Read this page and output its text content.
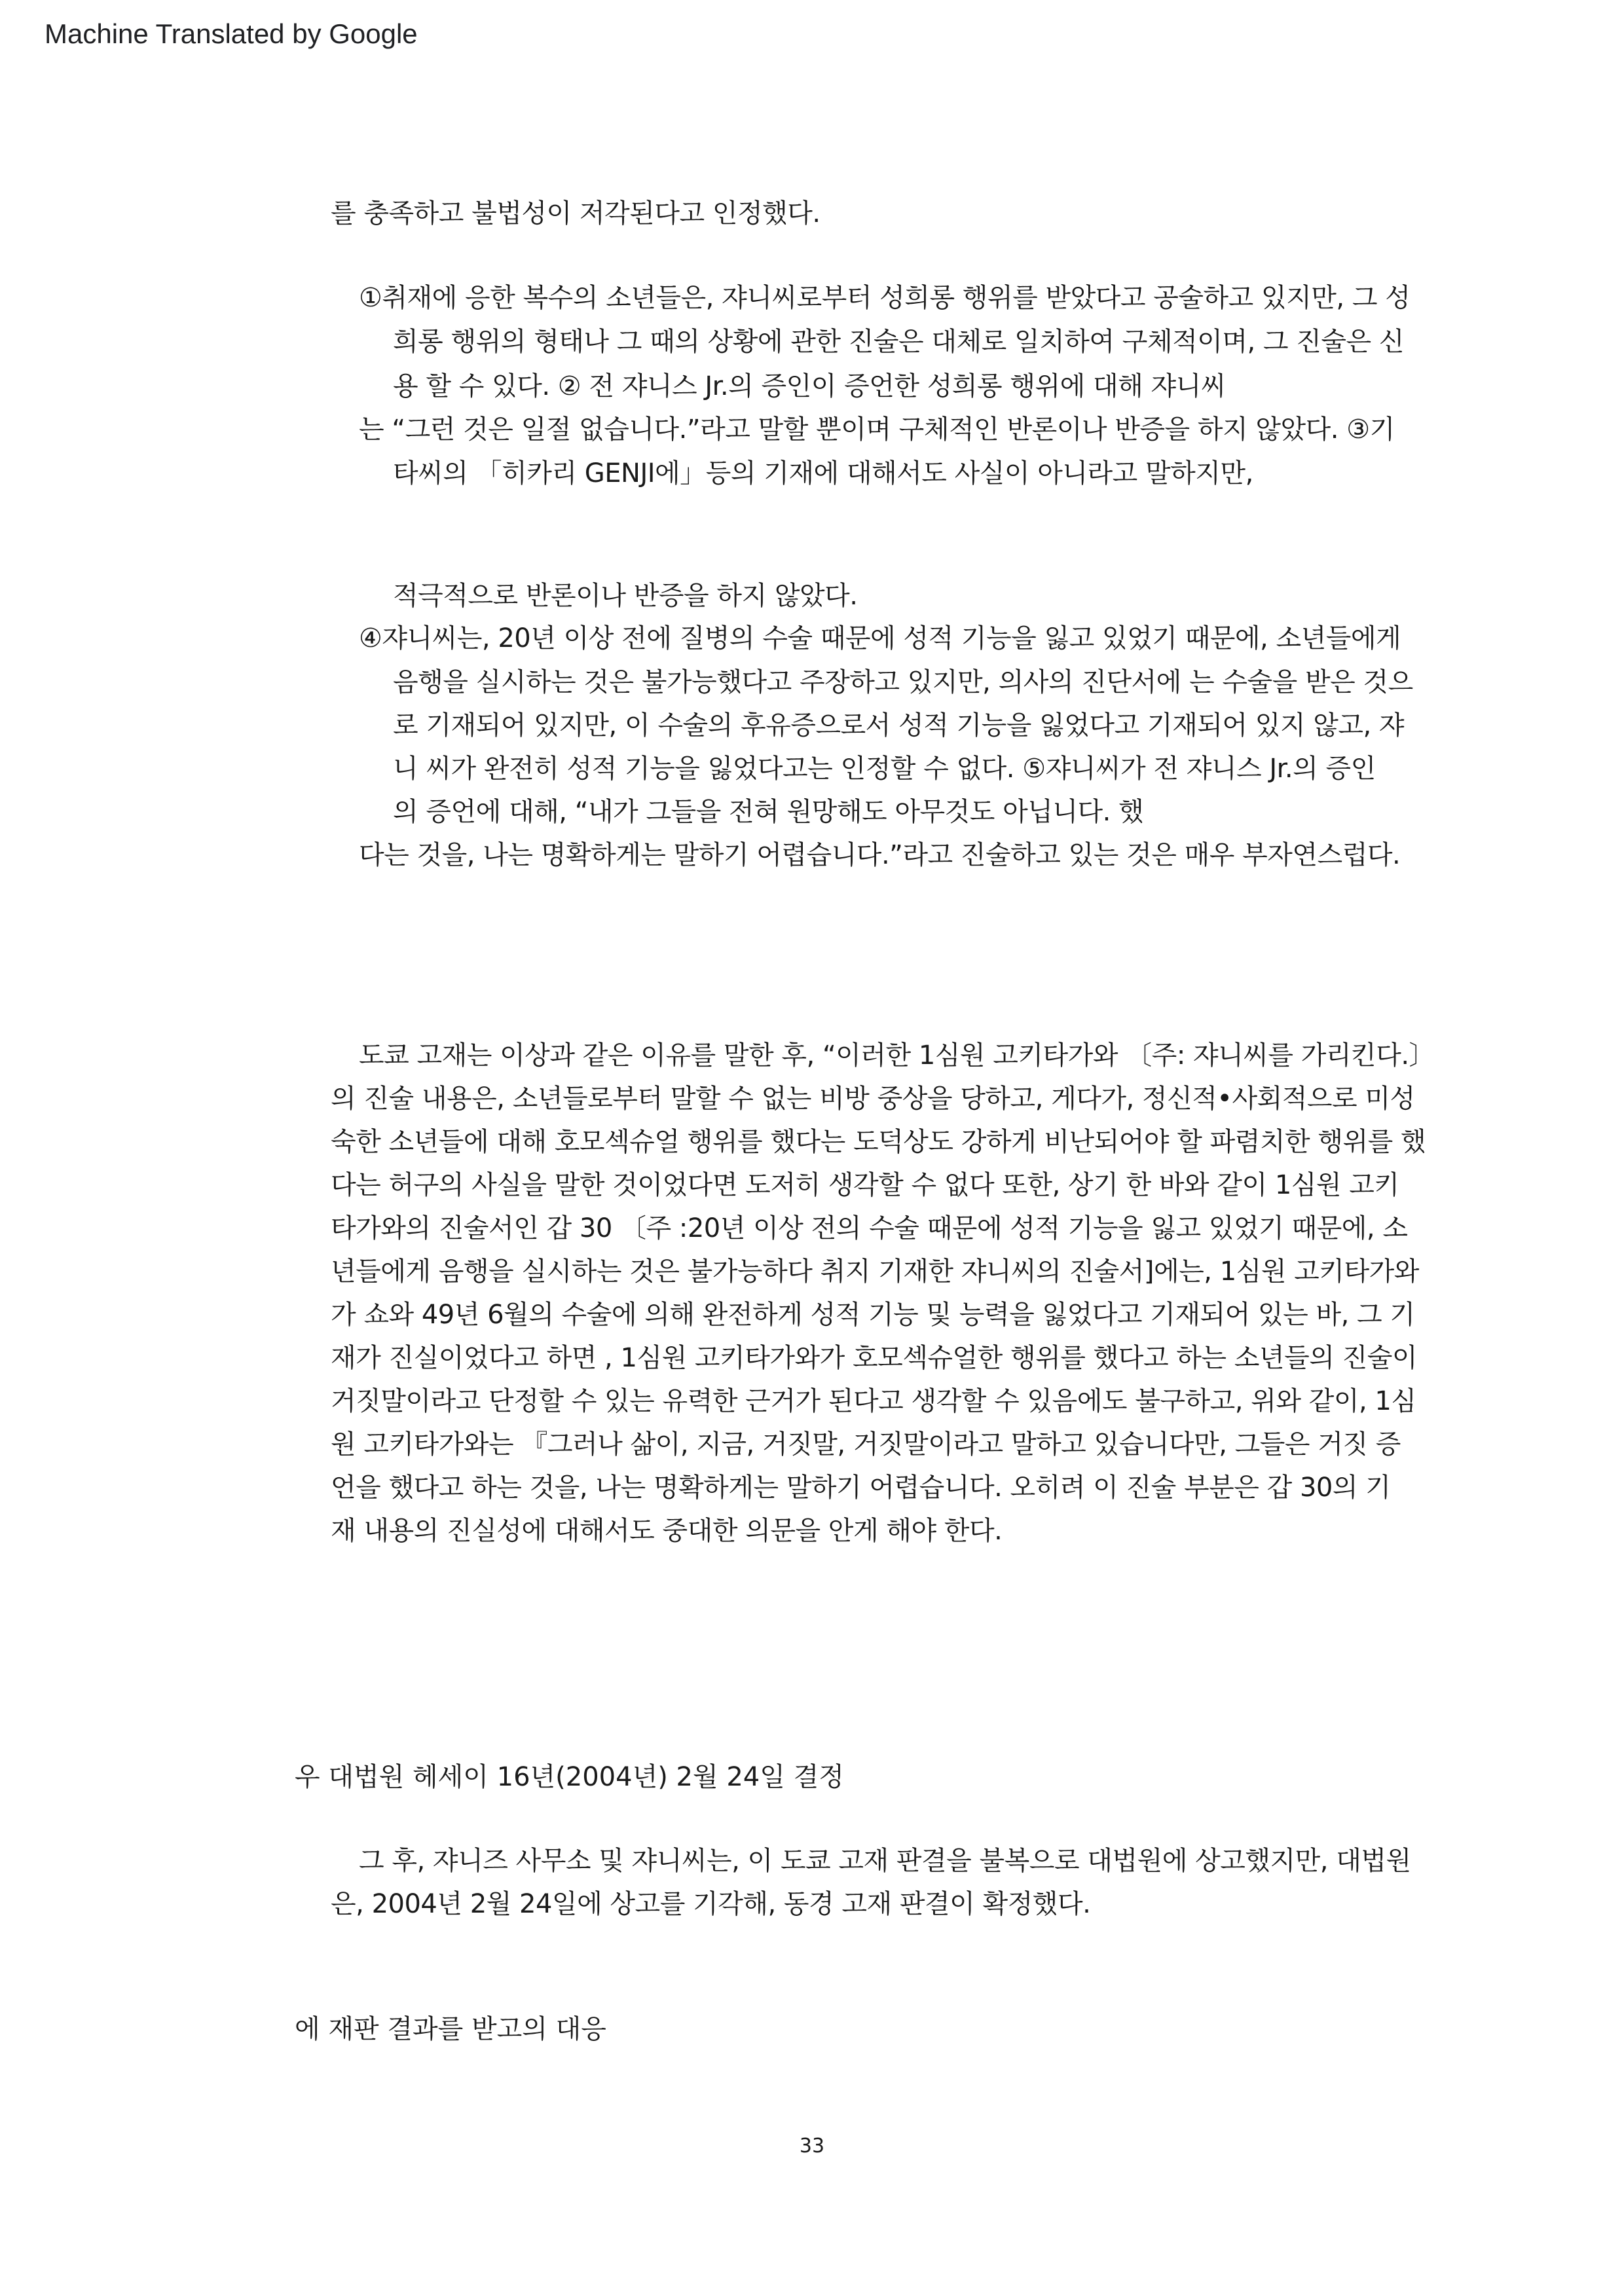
Machine Translated by Google
를 충족하고 불법성이 저각된다고 인정했다.
①취재에 응한 복수의 소년들은, 쟈니씨로부터 성희롱 행위를 받았다고 공술하고 있지만, 그 성
희롱 행위의 형태나 그 때의 상황에 관한 진술은 대체로 일치하여 구체적이며, 그 진술은 신
용 할 수 있다. ② 전 쟈니스 Jr.의 증인이 증언한 성희롱 행위에 대해 쟈니씨
는 “그런 것은 일절 없습니다.”라고 말할 뿐이며 구체적인 반론이나 반증을 하지 않았다. ③기
타씨의 「히카리 GENJI에」등의 기재에 대해서도 사실이 아니라고 말하지만,
적극적으로 반론이나 반증을 하지 않았다.
④쟈니씨는, 20년 이상 전에 질병의 수술 때문에 성적 기능을 잃고 있었기 때문에, 소년들에게
음행을 실시하는 것은 불가능했다고 주장하고 있지만, 의사의 진단서에 는 수술을 받은 것으
로 기재되어 있지만, 이 수술의 후유증으로서 성적 기능을 잃었다고 기재되어 있지 않고, 쟈
니 씨가 완전히 성적 기능을 잃었다고는 인정할 수 없다. ⑤쟈니씨가 전 쟈니스 Jr.의 증인
의 증언에 대해, “내가 그들을 전혀 원망해도 아무것도 아닙니다. 했
다는 것을, 나는 명확하게는 말하기 어렵습니다.”라고 진술하고 있는 것은 매우 부자연스럽다.
도쿄 고재는 이상과 같은 이유를 말한 후, “이러한 1심원 고키타가와 〔주: 쟈니씨를 가리킨다.〕
의 진술 내용은, 소년들로부터 말할 수 없는 비방 중상을 당하고, 게다가, 정신적•사회적으로 미성
숙한 소년들에 대해 호모섹슈얼 행위를 했다는 도덕상도 강하게 비난되어야 할 파렴치한 행위를 했
다는 허구의 사실을 말한 것이었다면 도저히 생각할 수 없다 또한, 상기 한 바와 같이 1심원 고키
타가와의 진술서인 갑 30 〔주 :20년 이상 전의 수술 때문에 성적 기능을 잃고 있었기 때문에, 소
년들에게 음행을 실시하는 것은 불가능하다 취지 기재한 쟈니씨의 진술서]에는, 1심원 고키타가와
가 쇼와 49년 6월의 수술에 의해 완전하게 성적 기능 및 능력을 잃었다고 기재되어 있는 바, 그 기
재가 진실이었다고 하면 , 1심원 고키타가와가 호모섹슈얼한 행위를 했다고 하는 소년들의 진술이
거짓말이라고 단정할 수 있는 유력한 근거가 된다고 생각할 수 있음에도 불구하고, 위와 같이, 1심
원 고키타가와는 『그러나 삶이, 지금, 거짓말, 거짓말이라고 말하고 있습니다만, 그들은 거짓 증
언을 했다고 하는 것을, 나는 명확하게는 말하기 어렵습니다. 오히려 이 진술 부분은 갑 30의 기
재 내용의 진실성에 대해서도 중대한 의문을 안게 해야 한다.
우 대법원 헤세이 16년(2004년) 2월 24일 결정
그 후, 쟈니즈 사무소 및 쟈니씨는, 이 도쿄 고재 판결을 불복으로 대법원에 상고했지만, 대법원
은, 2004년 2월 24일에 상고를 기각해, 동경 고재 판결이 확정했다.
에 재판 결과를 받고의 대응
33
